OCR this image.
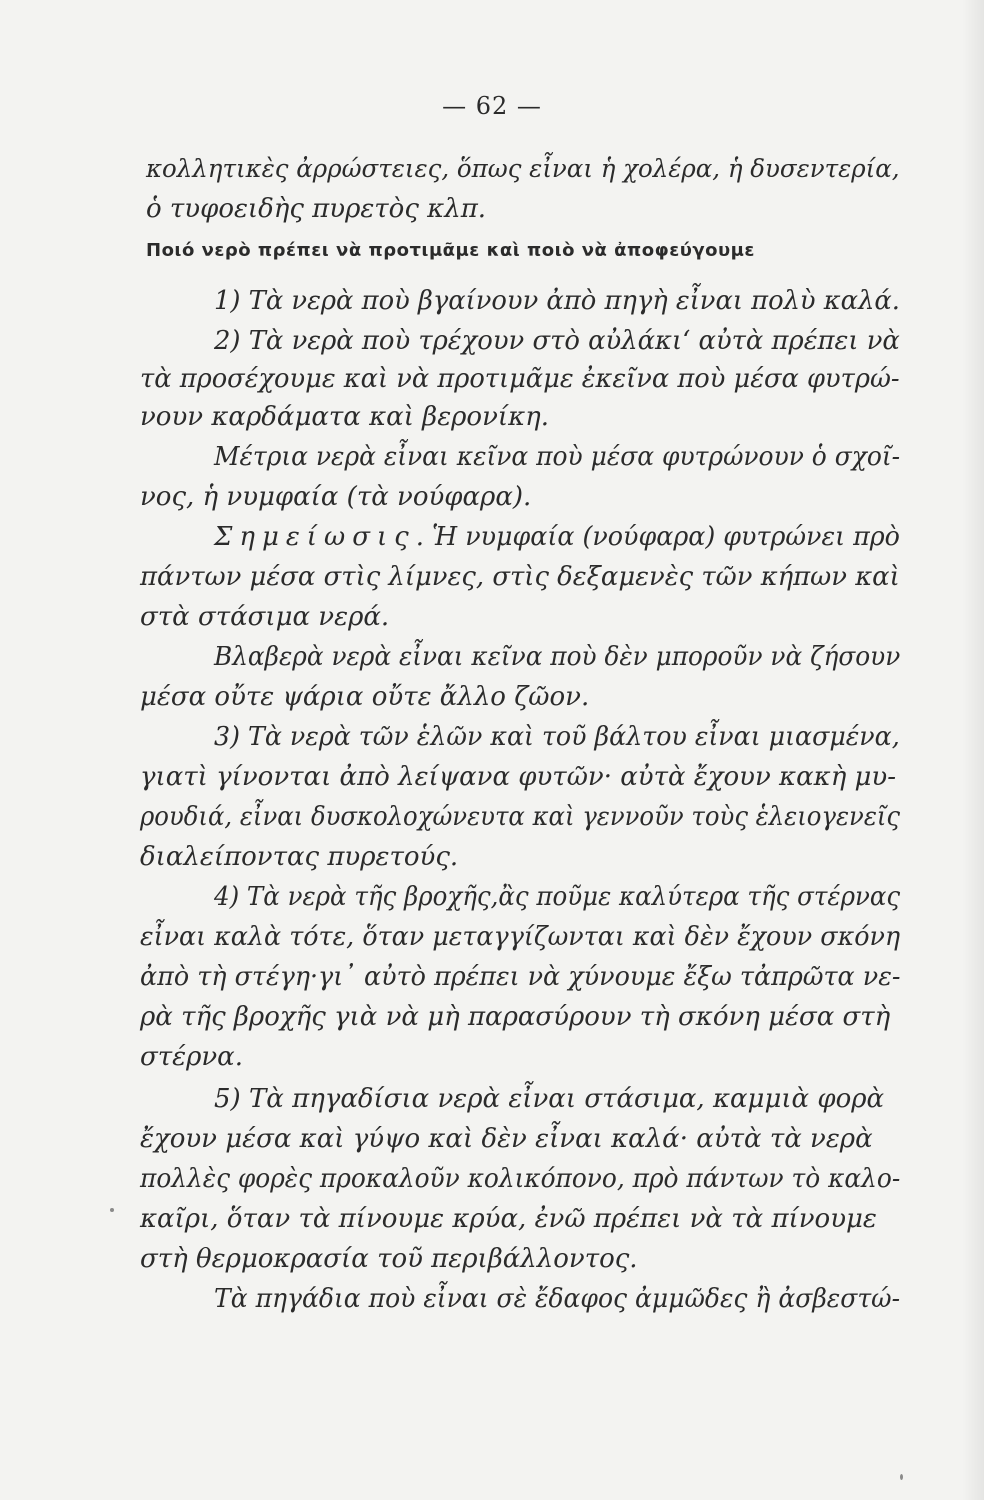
— 62 —
κολλητικὲς ἀρρώστειες, ὅπως εἶναι ἡ χολέρα, ἡ δυσεντερία,
ὁ τυφοειδὴς πυρετὸς κλπ.
Ποιό νερὸ πρέπει νὰ προτιμᾶμε καὶ ποιὸ νὰ ἀποφεύγουμε
1) Τὰ νερὰ ποὺ βγαίνουν ἀπὸ πηγὴ εἶναι πολὺ καλά.
2) Τὰ νερὰ ποὺ τρέχουν στὸ αὐλάκι‘ αὐτὰ πρέπει νὰ
τὰ προσέχουμε καὶ νὰ προτιμᾶμε ἐκεῖνα ποὺ μέσα φυτρώ-
νουν καρδάματα καὶ βερονίκη.
Μέτρια νερὰ εἶναι κεῖνα ποὺ μέσα φυτρώνουν ὁ σχοῖ-
νος, ἡ νυμφαία (τὰ νούφαρα).
Σημείωσις. Ἡ νυμφαία (νούφαρα) φυτρώνει πρὸ
πάντων μέσα στὶς λίμνες, στὶς δεξαμενὲς τῶν κήπων καὶ
στὰ στάσιμα νερά.
Βλαβερὰ νερὰ εἶναι κεῖνα ποὺ δὲν μποροῦν νὰ ζήσουν
μέσα οὔτε ψάρια οὔτε ἄλλο ζῶον.
3) Τὰ νερὰ τῶν ἑλῶν καὶ τοῦ βάλτου εἶναι μιασμένα,
γιατὶ γίνονται ἀπὸ λείψανα φυτῶν· αὐτὰ ἔχουν κακὴ μυ-
ρουδιά, εἶναι δυσκολοχώνευτα καὶ γεννοῦν τοὺς ἑλειογενεῖς
διαλείποντας πυρετούς.
4) Τὰ νερὰ τῆς βροχῆς,ἂς ποῦμε καλύτερα τῆς στέρνας
εἶναι καλὰ τότε, ὅταν μεταγγίζωνται καὶ δὲν ἔχουν σκόνη
ἀπὸ τὴ στέγη·γι᾽ αὐτὸ πρέπει νὰ χύνουμε ἔξω τἀπρῶτα νε-
ρὰ τῆς βροχῆς γιὰ νὰ μὴ παρασύρουν τὴ σκόνη μέσα στὴ
στέρνα.
5) Τὰ πηγαδίσια νερὰ εἶναι στάσιμα, καμμιὰ φορὰ
ἔχουν μέσα καὶ γύψο καὶ δὲν εἶναι καλά· αὐτὰ τὰ νερὰ
πολλὲς φορὲς προκαλοῦν κολικόπονο, πρὸ πάντων τὸ καλο-
καῖρι, ὅταν τὰ πίνουμε κρύα, ἐνῶ πρέπει νὰ τὰ πίνουμε
στὴ θερμοκρασία τοῦ περιβάλλοντος.
Τὰ πηγάδια ποὺ εἶναι σὲ ἔδαφος ἀμμῶδες ἢ ἀσβεστώ-
